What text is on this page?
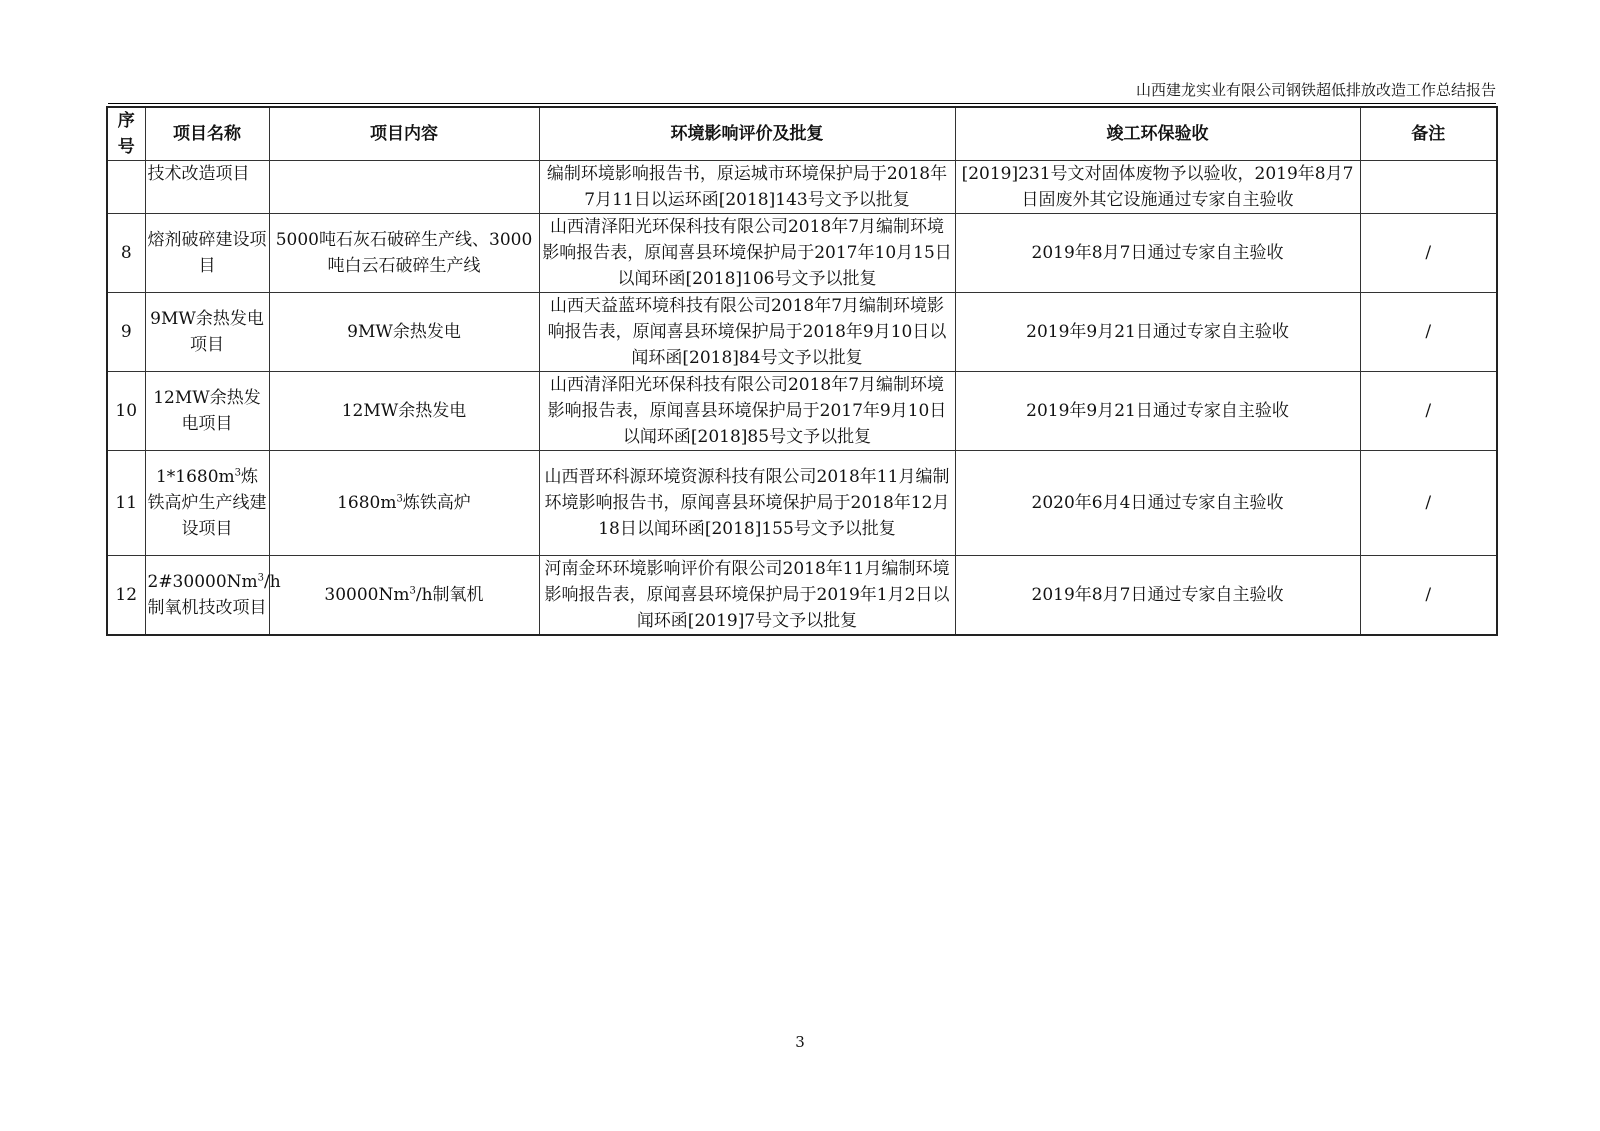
山西建龙实业有限公司钢铁超低排放改造工作总结报告
序号	项目名称	项目内容	环境影响评价及批复	竣工环保验收	备注
	技术改造项目		编制环境影响报告书，原运城市环境保护局于2018年7月11日以运环函[2018]143号文予以批复	[2019]231号文对固体废物予以验收，2019年8月7日固废外其它设施通过专家自主验收	
8	熔剂破碎建设项目	5000吨石灰石破碎生产线、3000吨白云石破碎生产线	山西清泽阳光环保科技有限公司2018年7月编制环境影响报告表，原闻喜县环境保护局于2017年10月15日以闻环函[2018]106号文予以批复	2019年8月7日通过专家自主验收	/
9	9MW余热发电项目	9MW余热发电	山西天益蓝环境科技有限公司2018年7月编制环境影响报告表，原闻喜县环境保护局于2018年9月10日以闻环函[2018]84号文予以批复	2019年9月21日通过专家自主验收	/
10	12MW余热发电项目	12MW余热发电	山西清泽阳光环保科技有限公司2018年7月编制环境影响报告表，原闻喜县环境保护局于2017年9月10日以闻环函[2018]85号文予以批复	2019年9月21日通过专家自主验收	/
11	$1*1680m^3$炼铁高炉生产线建设项目	$1680m^3$炼铁高炉	山西晋环科源环境资源科技有限公司2018年11月编制环境影响报告书，原闻喜县环境保护局于2018年12月18日以闻环函[2018]155号文予以批复	2020年6月4日通过专家自主验收	/
12	2#30000Nm$^3$/h制氧机技改项目	30000Nm$^3$/h制氧机	河南金环环境影响评价有限公司2018年11月编制环境影响报告表，原闻喜县环境保护局于2019年1月2日以闻环函[2019]7号文予以批复	2019年8月7日通过专家自主验收	/
3
